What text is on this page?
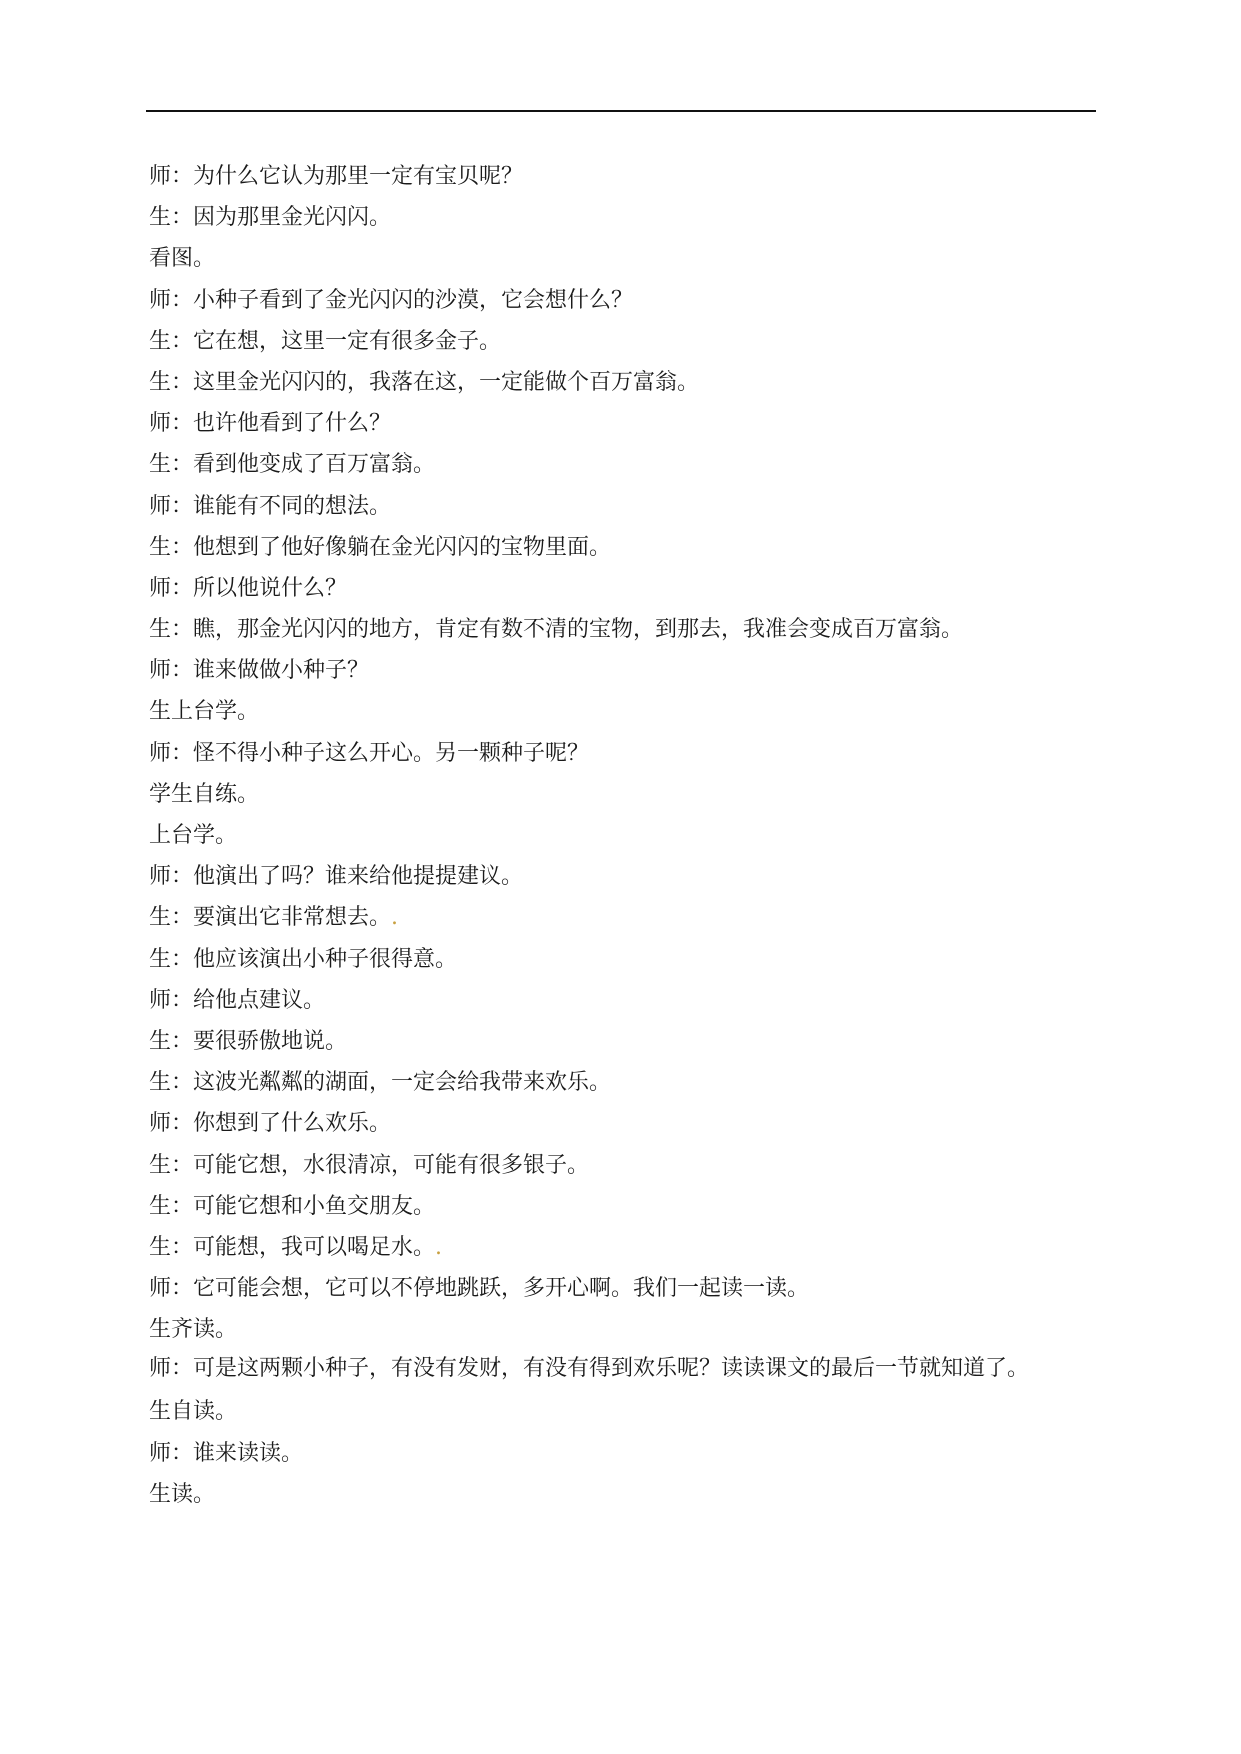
师：为什么它认为那里一定有宝贝呢？

生：因为那里金光闪闪。

看图。

师：小种子看到了金光闪闪的沙漠，它会想什么？

生：它在想，这里一定有很多金子。

生：这里金光闪闪的，我落在这，一定能做个百万富翁。

师：也许他看到了什么？

生：看到他变成了百万富翁。

师：谁能有不同的想法。

生：他想到了他好像躺在金光闪闪的宝物里面。

师：所以他说什么？

生：瞧，那金光闪闪的地方，肯定有数不清的宝物，到那去，我准会变成百万富翁。

师：谁来做做小种子？

生上台学。

师：怪不得小种子这么开心。另一颗种子呢？

学生自练。

上台学。

师：他演出了吗？谁来给他提提建议。

生：要演出它非常想去。.

生：他应该演出小种子很得意。

师：给他点建议。

生：要很骄傲地说。

生：这波光粼粼的湖面，一定会给我带来欢乐。

师：你想到了什么欢乐。

生：可能它想，水很清凉，可能有很多银子。

生：可能它想和小鱼交朋友。

生：可能想，我可以喝足水。.

师：它可能会想，它可以不停地跳跃，多开心啊。我们一起读一读。

生齐读。

师：可是这两颗小种子，有没有发财，有没有得到欢乐呢？读读课文的最后一节就知道了。

生自读。

师：谁来读读。

生读。
